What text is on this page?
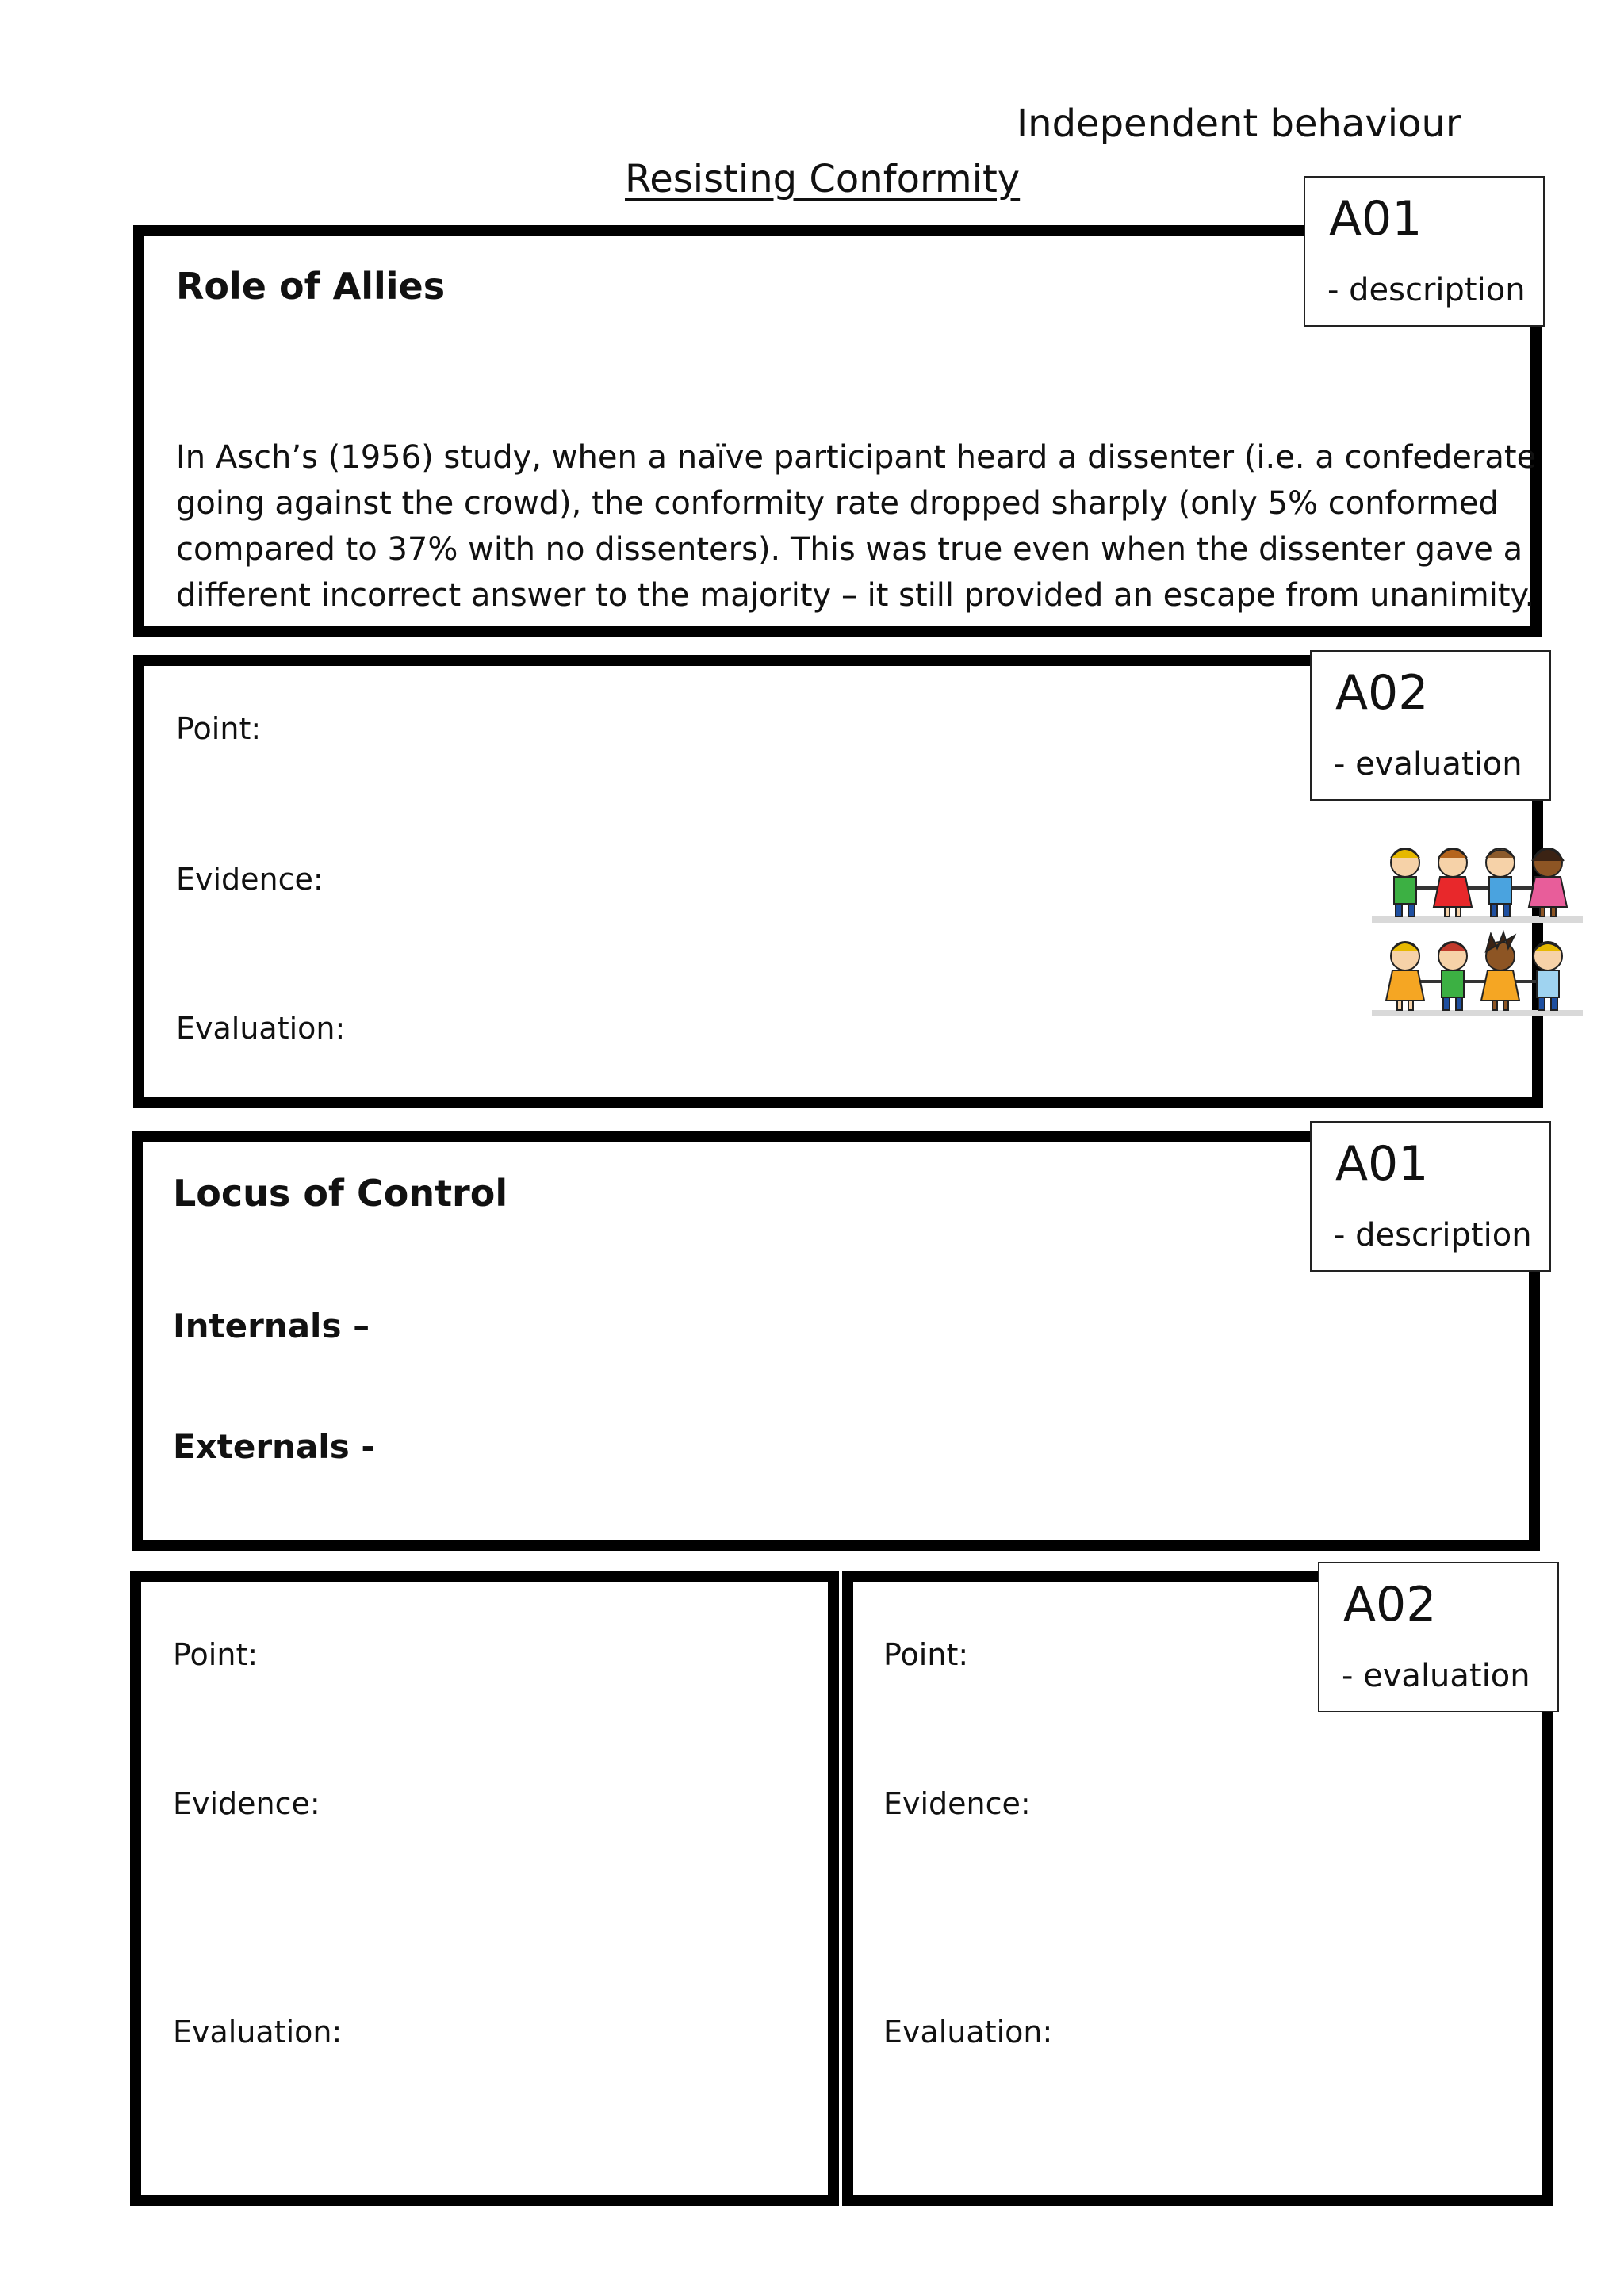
Independent behaviour
Resisting Conformity
Role of Allies
In Asch’s (1956) study, when a naïve participant heard a dissenter (i.e. a confederate
going against the crowd), the conformity rate dropped sharply (only 5% conformed
compared to 37% with no dissenters). This was true even when the dissenter gave a
different incorrect answer to the majority – it still provided an escape from unanimity.
A01
- description
Point:
Evidence:
Evaluation:
A02
- evaluation
Locus of Control
Internals –
Externals -
A01
- description
Point:
Evidence:
Evaluation:
Point:
Evidence:
Evaluation:
A02
- evaluation
